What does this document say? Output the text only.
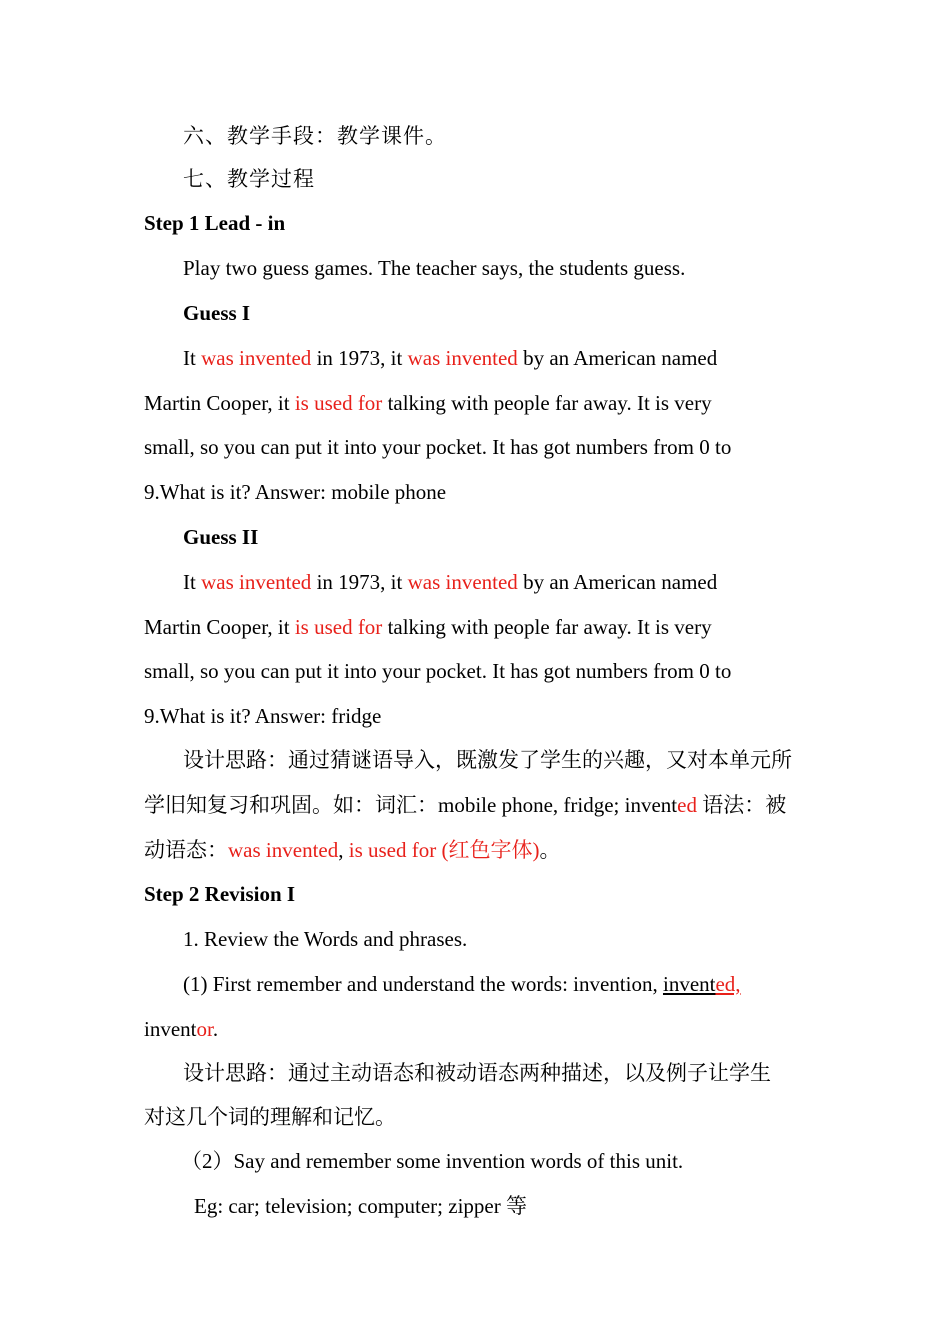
六、教学手段：教学课件。
七、教学过程
Step 1 Lead - in
Play two guess games. The teacher says, the students guess.
Guess I
It was invented in 1973, it was invented by an American named
Martin Cooper, it is used for talking with people far away. It is very
small, so you can put it into your pocket. It has got numbers from 0 to
9.What is it? Answer: mobile phone
Guess II
It was invented in 1973, it was invented by an American named
Martin Cooper, it is used for talking with people far away. It is very
small, so you can put it into your pocket. It has got numbers from 0 to
9.What is it? Answer: fridge
设计思路：通过猜谜语导入，既激发了学生的兴趣，又对本单元所
学旧知复习和巩固。如：词汇：mobile phone, fridge; invented 语法：被
动语态：was invented, is used for (红色字体)。
Step 2 Revision I
1. Review the Words and phrases.
(1) First remember and understand the words: invention, invented,
inventor.
设计思路：通过主动语态和被动语态两种描述，以及例子让学生
对这几个词的理解和记忆。
（2）Say and remember some invention words of this unit.
Eg: car; television; computer; zipper 等
